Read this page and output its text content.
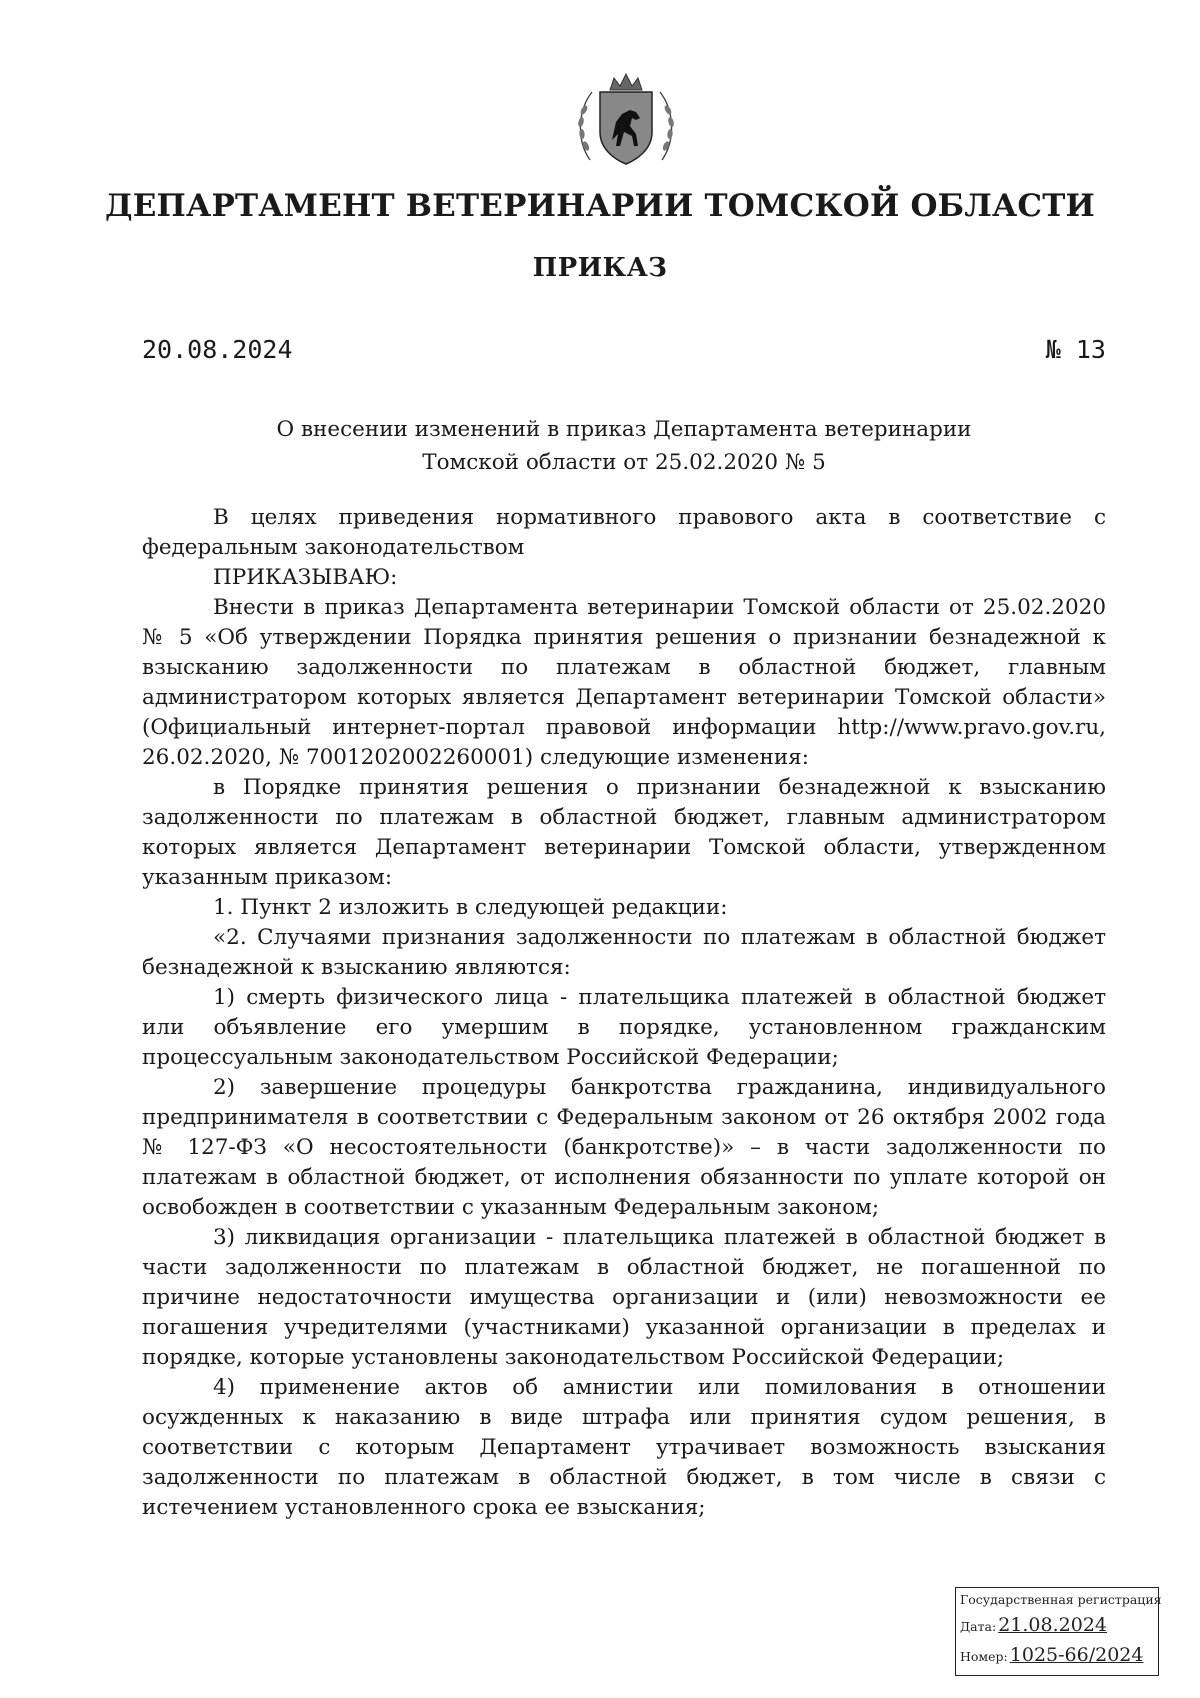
ДЕПАРТАМЕНТ ВЕТЕРИНАРИИ ТОМСКОЙ ОБЛАСТИ
ПРИКАЗ
20.08.2024	№ 13
О внесении изменений в приказ Департамента ветеринарии
Томской области от 25.02.2020 № 5

В целях приведения нормативного правового акта в соответствие с федеральным законодательством

ПРИКАЗЫВАЮ:

Внести в приказ Департамента ветеринарии Томской области от 25.02.2020 № 5 «Об утверждении Порядка принятия решения о признании безнадежной к взысканию задолженности по платежам в областной бюджет, главным администратором которых является Департамент ветеринарии Томской области» (Официальный интернет-портал правовой информации http://www.pravo.gov.ru, 26.02.2020, № 7001202002260001) следующие изменения:

в Порядке принятия решения о признании безнадежной к взысканию задолженности по платежам в областной бюджет, главным администратором которых является Департамент ветеринарии Томской области, утвержденном указанным приказом:

1. Пункт 2 изложить в следующей редакции:

«2. Случаями признания задолженности по платежам в областной бюджет безнадежной к взысканию являются:

1) смерть физического лица - плательщика платежей в областной бюджет или объявление его умершим в порядке, установленном гражданским процессуальным законодательством Российской Федерации;

2) завершение процедуры банкротства гражданина, индивидуального предпринимателя в соответствии с Федеральным законом от 26 октября 2002 года № 127-ФЗ «О несостоятельности (банкротстве)» – в части задолженности по платежам в областной бюджет, от исполнения обязанности по уплате которой он освобожден в соответствии с указанным Федеральным законом;

3) ликвидация организации - плательщика платежей в областной бюджет в части задолженности по платежам в областной бюджет, не погашенной по причине недостаточности имущества организации и (или) невозможности ее погашения учредителями (участниками) указанной организации в пределах и порядке, которые установлены законодательством Российской Федерации;

4) применение актов об амнистии или помилования в отношении осужденных к наказанию в виде штрафа или принятия судом решения, в соответствии с которым Департамент утрачивает возможность взыскания задолженности по платежам в областной бюджет, в том числе в связи с истечением установленного срока ее взыскания;

Государственная регистрация
Дата: 21.08.2024
Номер: 1025-66/2024
